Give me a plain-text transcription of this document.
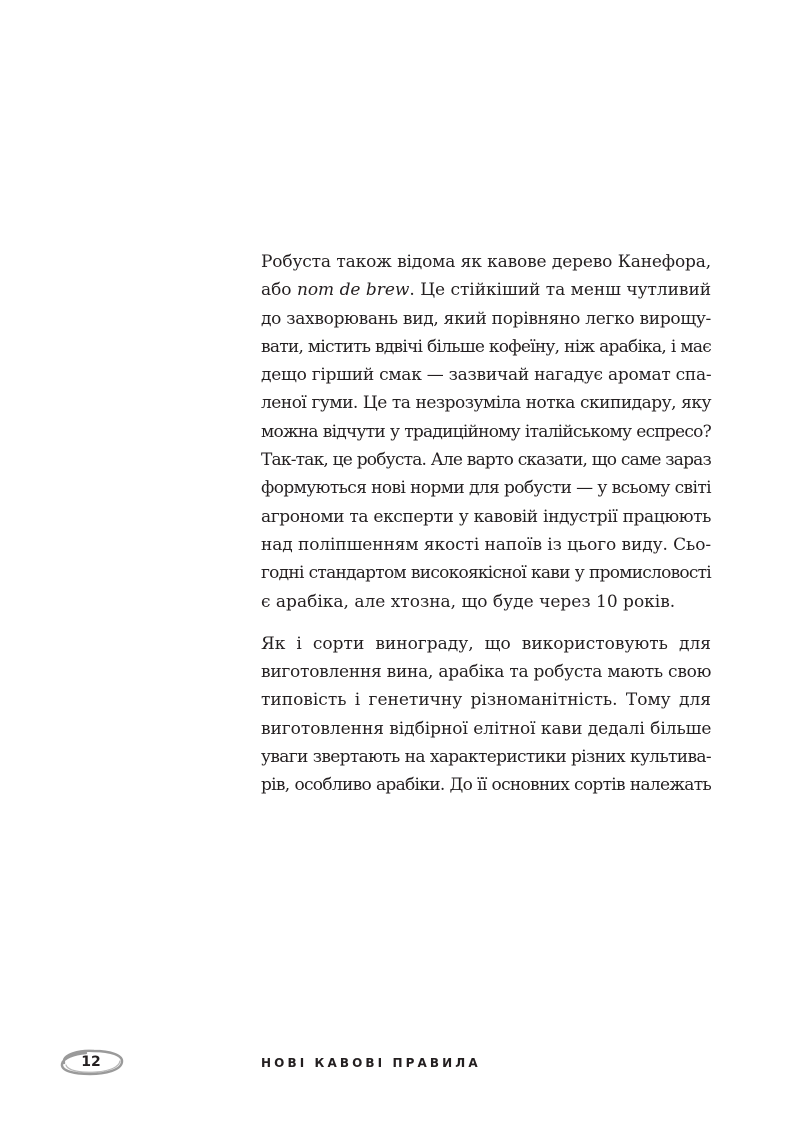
Робуста також відома як кавове дерево Канефора,
або nom de brew. Це стійкіший та менш чутливий
до захворювань вид, який порівняно легко вирощу-
вати, містить вдвічі більше кофеїну, ніж арабіка, і має
дещо гірший смак — зазвичай нагадує аромат спа-
леної гуми. Це та незрозуміла нотка скипидару, яку
можна відчути у традиційному італійському еспресо?
Так-так, це робуста. Але варто сказати, що саме зараз
формуються нові норми для робусти — у всьому світі
агрономи та експерти у кавовій індустрії працюють
над поліпшенням якості напоїв із цього виду. Сьо-
годні стандартом високоякісної кави у промисловості
є арабіка, але хтозна, що буде через 10 років.

Як і сорти винограду, що використовують для
виготовлення вина, арабіка та робуста мають свою
типовість і генетичну різноманітність. Тому для
виготовлення відбірної елітної кави дедалі більше
уваги звертають на характеристики різних культива-
рів, особливо арабіки. До її основних сортів належать

12	НОВІ КАВОВІ ПРАВИЛА
